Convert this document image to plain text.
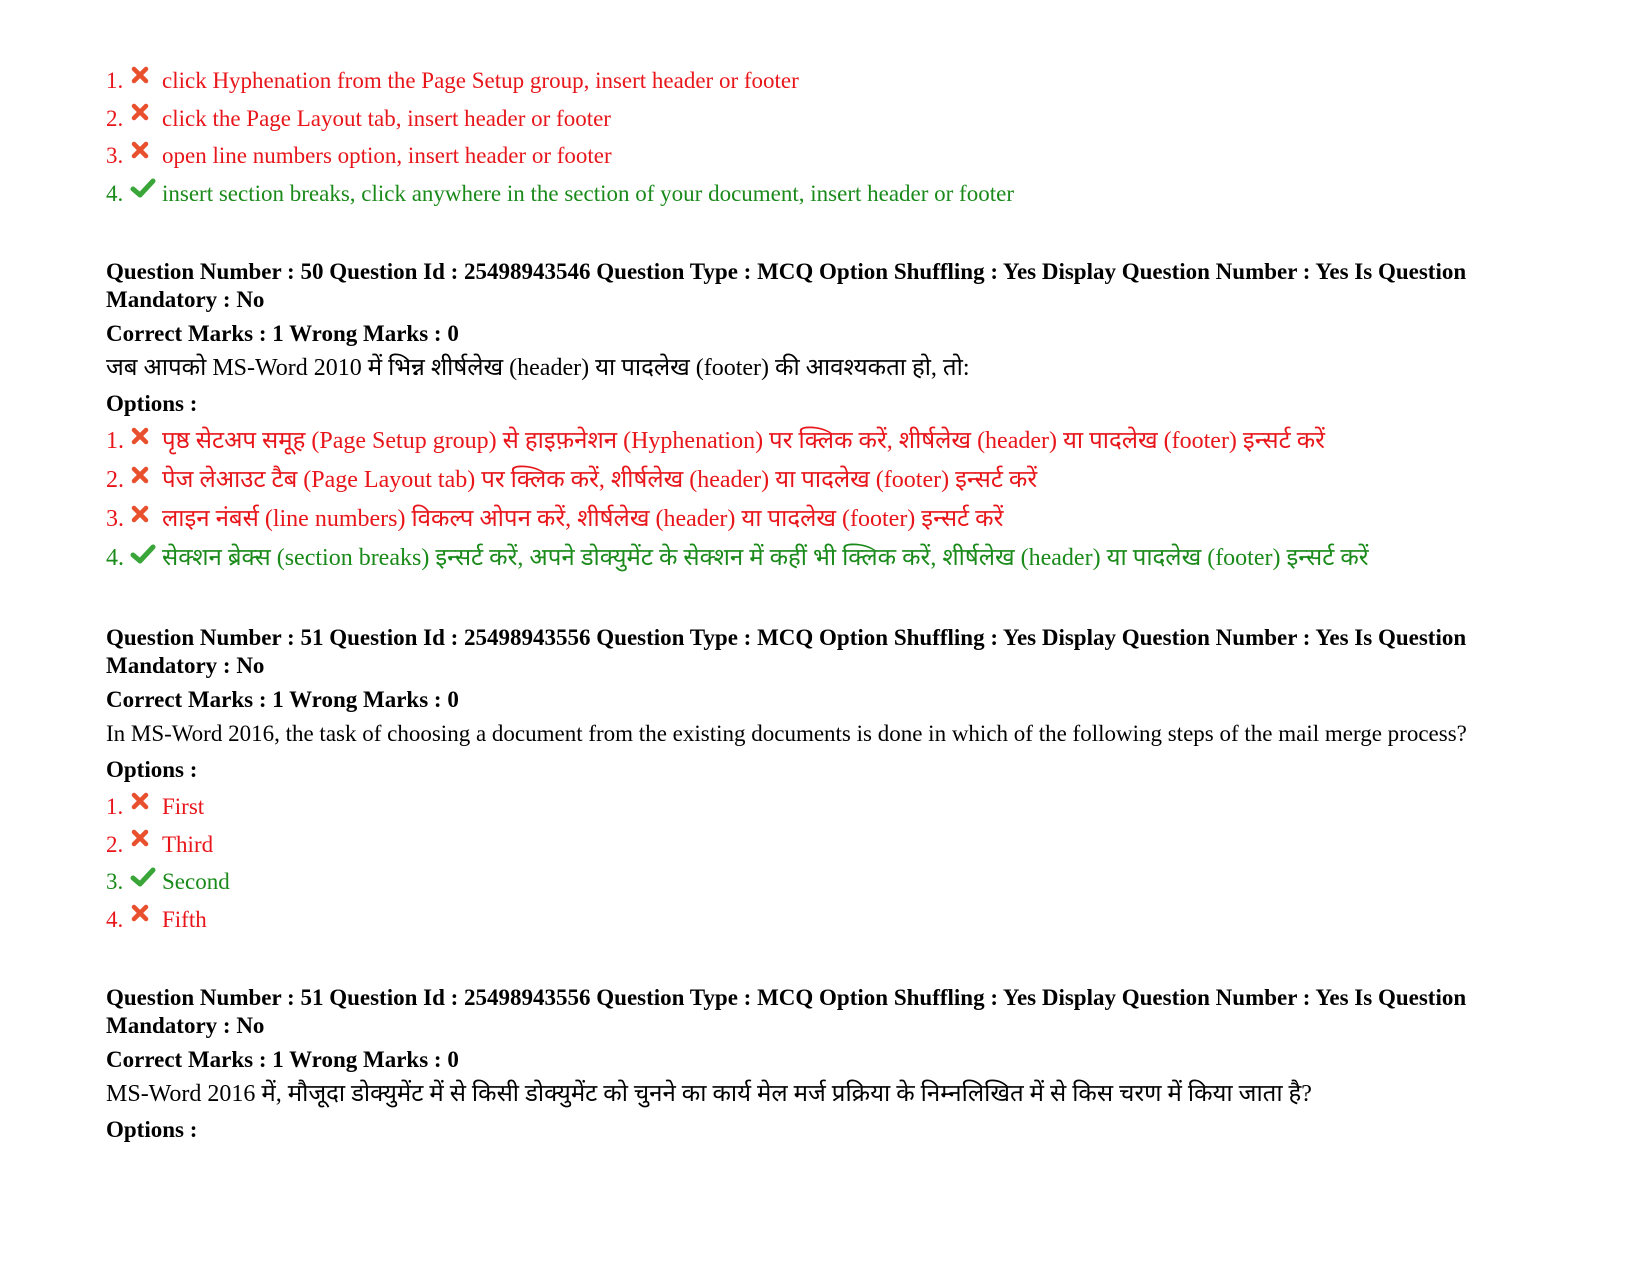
1. click Hyphenation from the Page Setup group, insert header or footer
2. click the Page Layout tab, insert header or footer
3. open line numbers option, insert header or footer
4. insert section breaks, click anywhere in the section of your document, insert header or footer
Question Number : 50 Question Id : 25498943546 Question Type : MCQ Option Shuffling : Yes Display Question Number : Yes Is Question Mandatory : No
Correct Marks : 1 Wrong Marks : 0
जब आपको MS-Word 2010 में भिन्न शीर्षलेख (header) या पादलेख (footer) की आवश्यकता हो, तो:
Options :
1. पृष्ठ सेटअप समूह (Page Setup group) से हाइफ़नेशन (Hyphenation) पर क्लिक करें, शीर्षलेख (header) या पादलेख (footer) इन्सर्ट करें
2. पेज लेआउट टैब (Page Layout tab) पर क्लिक करें, शीर्षलेख (header) या पादलेख (footer) इन्सर्ट करें
3. लाइन नंबर्स (line numbers) विकल्प ओपन करें, शीर्षलेख (header) या पादलेख (footer) इन्सर्ट करें
4. सेक्शन ब्रेक्स (section breaks) इन्सर्ट करें, अपने डोक्युमेंट के सेक्शन में कहीं भी क्लिक करें, शीर्षलेख (header) या पादलेख (footer) इन्सर्ट करें
Question Number : 51 Question Id : 25498943556 Question Type : MCQ Option Shuffling : Yes Display Question Number : Yes Is Question Mandatory : No
Correct Marks : 1 Wrong Marks : 0
In MS-Word 2016, the task of choosing a document from the existing documents is done in which of the following steps of the mail merge process?
Options :
1. First
2. Third
3. Second
4. Fifth
Question Number : 51 Question Id : 25498943556 Question Type : MCQ Option Shuffling : Yes Display Question Number : Yes Is Question Mandatory : No
Correct Marks : 1 Wrong Marks : 0
MS-Word 2016 में, मौजूदा डोक्युमेंट में से किसी डोक्युमेंट को चुनने का कार्य मेल मर्ज प्रक्रिया के निम्नलिखित में से किस चरण में किया जाता है?
Options :
